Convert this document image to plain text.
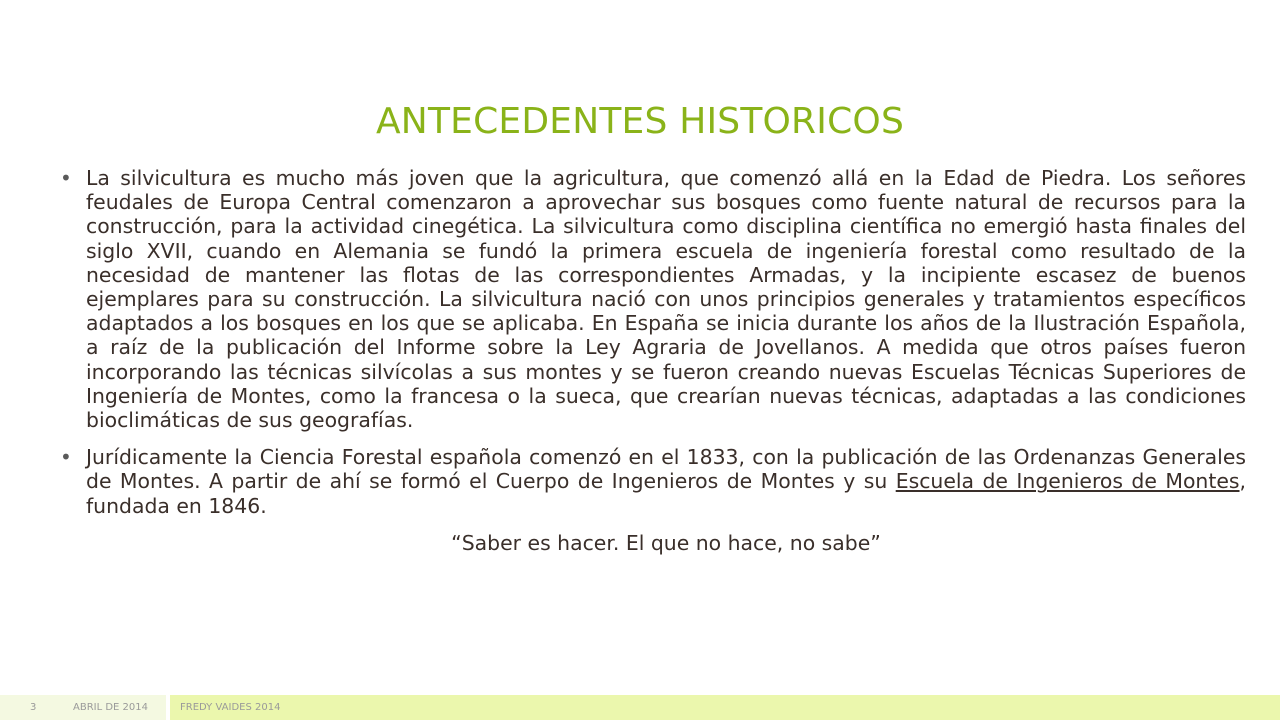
ANTECEDENTES HISTORICOS
• La silvicultura es mucho más joven que la agricultura, que comenzó allá en la Edad de Piedra. Los señores feudales de Europa Central comenzaron a aprovechar sus bosques como fuente natural de recursos para la construcción, para la actividad cinegética. La silvicultura como disciplina científica no emergió hasta finales del siglo XVII, cuando en Alemania se fundó la primera escuela de ingeniería forestal como resultado de la necesidad de mantener las flotas de las correspondientes Armadas, y la incipiente escasez de buenos ejemplares para su construcción. La silvicultura nació con unos principios generales y tratamientos específicos adaptados a los bosques en los que se aplicaba. En España se inicia durante los años de la Ilustración Española, a raíz de la publicación del Informe sobre la Ley Agraria de Jovellanos. A medida que otros países fueron incorporando las técnicas silvícolas a sus montes y se fueron creando nuevas Escuelas Técnicas Superiores de Ingeniería de Montes, como la francesa o la sueca, que crearían nuevas técnicas, adaptadas a las condiciones bioclimáticas de sus geografías.
• Jurídicamente la Ciencia Forestal española comenzó en el 1833, con la publicación de las Ordenanzas Generales de Montes. A partir de ahí se formó el Cuerpo de Ingenieros de Montes y su Escuela de Ingenieros de Montes, fundada en 1846.
“Saber es hacer. El que no hace, no sabe”
3	ABRIL DE 2014	FREDY VAIDES 2014
